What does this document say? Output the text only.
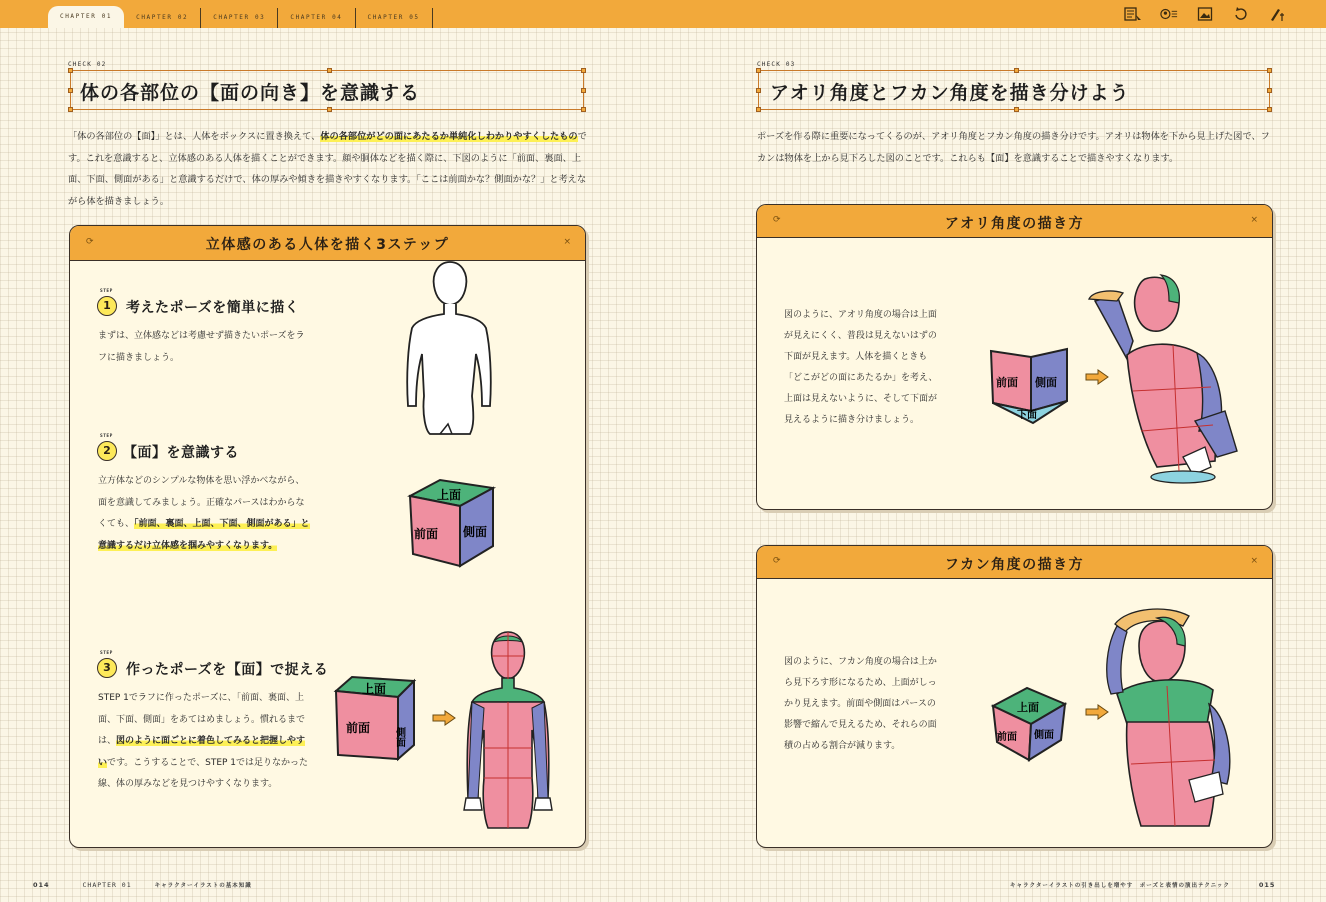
CHAPTER 01	CHAPTER 02	CHAPTER 03	CHAPTER 04	CHAPTER 05
CHECK 02
体の各部位の【面の向き】を意識する
「体の各部位の【面】」とは、人体をボックスに置き換えて、体の各部位がどの面にあたるか単純化しわかりやすくしたものです。これを意識すると、立体感のある人体を描くことができます。顔や胴体などを描く際に、下図のように「前面、裏面、上面、下面、側面がある」と意識するだけで、体の厚みや傾きを描きやすくなります。「ここは前面かな？側面かな？」と考えながら体を描きましょう。
⟳	立体感のある人体を描く3ステップ	×
STEP
1	考えたポーズを簡単に描く
まずは、立体感などは考慮せず描きたいポーズをラフに描きましょう。
STEP
2 【面】を意識する
立方体などのシンプルな物体を思い浮かべながら、面を意識してみましょう。正確なパースはわからなくても、「前面、裏面、上面、下面、側面がある」と意識するだけ立体感を掴みやすくなります。
上面
前面 側面
STEP
3	作ったポーズを【面】で捉える
STEP 1でラフに作ったポーズに、「前面、裏面、上面、下面、側面」をあてはめましょう。慣れるまでは、図のように面ごとに着色してみると把握しやすいです。こうすることで、STEP 1では足りなかった線、体の厚みなどを見つけやすくなります。
上面
前面 側面
014	CHAPTER 01	キャラクターイラストの基本知識
CHECK 03
アオリ角度とフカン角度を描き分けよう
ポーズを作る際に重要になってくるのが、アオリ角度とフカン角度の描き分けです。アオリは物体を下から見上げた図で、フカンは物体を上から見下ろした図のことです。これらも【面】を意識することで描きやすくなります。
⟳	アオリ角度の描き方	×
図のように、アオリ角度の場合は上面が見えにくく、普段は見えないはずの下面が見えます。人体を描くときも「どこがどの面にあたるか」を考え、上面は見えないように、そして下面が見えるように描き分けましょう。
前面 側面
下面
⟳	フカン角度の描き方	×
図のように、フカン角度の場合は上から見下ろす形になるため、上面がしっかり見えます。前面や側面はパースの影響で縮んで見えるため、それらの面積の占める割合が減ります。
上面
前面 側面
キャラクターイラストの引き出しを増やす　ポーズと表情の演出テクニック	015
